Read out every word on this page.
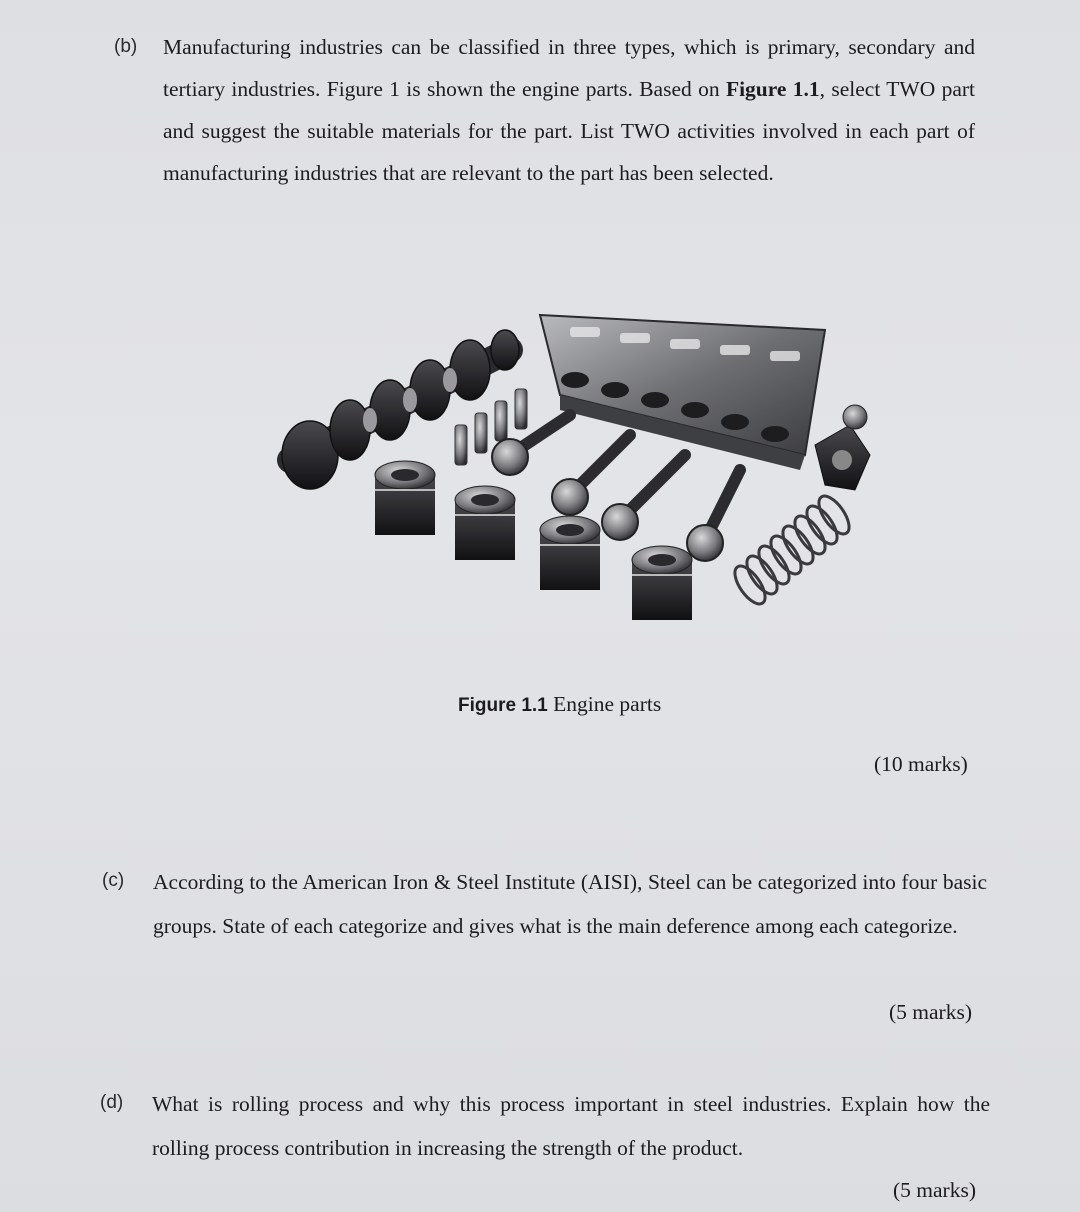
(b) Manufacturing industries can be classified in three types, which is primary, secondary and tertiary industries. Figure 1 is shown the engine parts. Based on Figure 1.1, select TWO part and suggest the suitable materials for the part. List TWO activities involved in each part of manufacturing industries that are relevant to the part has been selected.
Figure 1.1 Engine parts
(10 marks)
(c) According to the American Iron & Steel Institute (AISI), Steel can be categorized into four basic groups. State of each categorize and gives what is the main deference among each categorize.
(5 marks)
(d) What is rolling process and why this process important in steel industries. Explain how the rolling process contribution in increasing the strength of the product.
(5 marks)
